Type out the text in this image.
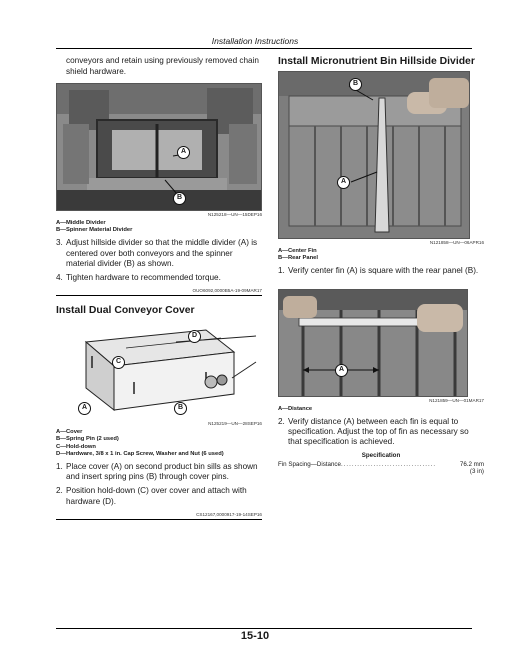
Installation Instructions
conveyors and retain using previously removed chain shield hardware.
A
B
N125218—UN—15DEP16
A—Middle Divider
B—Spinner Material Divider
3. Adjust hillside divider so that the middle divider (A) is centered over both conveyors and the spinner material divider (B) as shown.
4. Tighten hardware to recommended torque.
OUO6092,0000B5A-19-09MAR17
Install Dual Conveyor Cover
A	B
C
D
N125219—UN—28SEP16
A—Cover
B—Spring Pin (2 used)
C—Hold-down
D—Hardware, 3/8 x 1 in. Cap Screw, Washer and Nut (6 used)
1. Place cover (A) on second product bin sills as shown and insert spring pins (B) through cover pins.
2. Position hold-down (C) over cover and attach with hardware (D).
CS12167,0000917-19-14SEP16
Install Micronutrient Bin Hillside Divider
B
A
N121858—UN—06APR16
A—Center Fin
B—Rear Panel
1. Verify center fin (A) is square with the rear panel (B).
A
N121859—UN—01MAR17
A—Distance
2. Verify distance (A) between each fin is equal to specification. Adjust the top of fin as necessary so that specification is achieved.
Specification
Fin Spacing—Distance ...................................	76.2 mm
(3 in)
15-10
